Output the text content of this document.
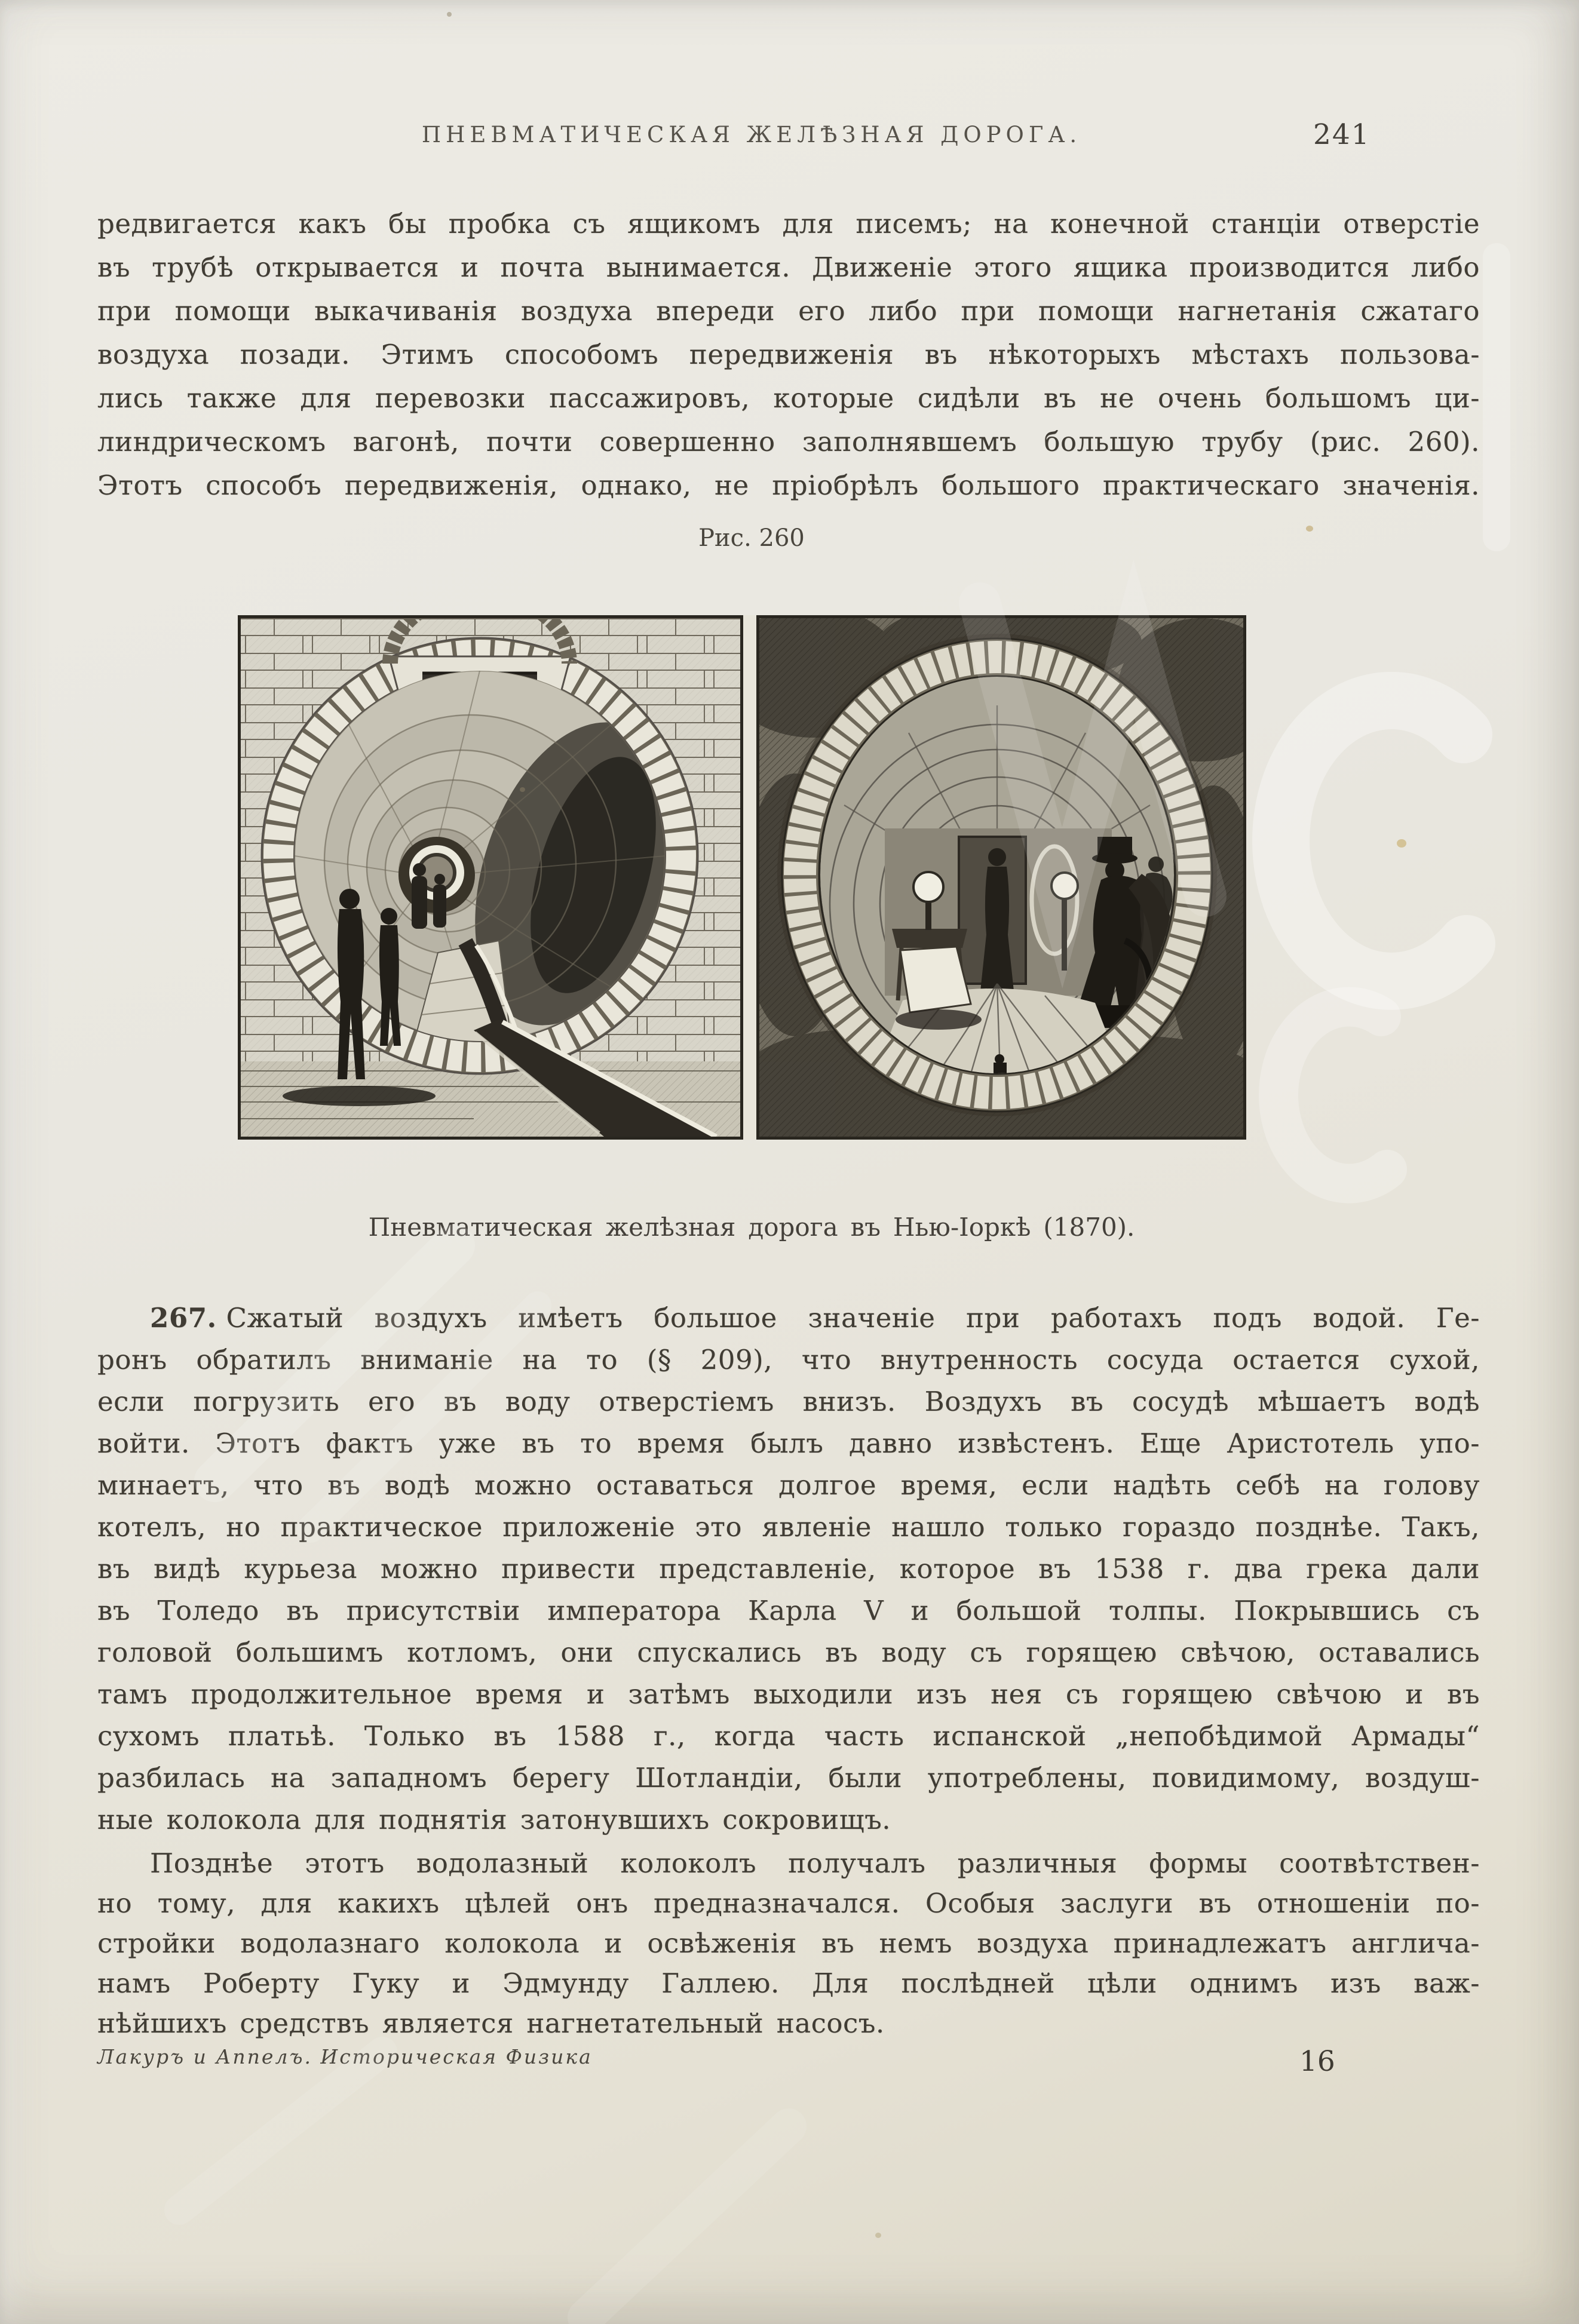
ПНЕВМАТИЧЕСКАЯ ЖЕЛѢЗНАЯ ДОРОГА.	241
редвигается какъ бы пробка съ ящикомъ для писемъ; на конечной станціи отверстіе
въ трубѣ открывается и почта вынимается. Движеніе этого ящика производится либо
при помощи выкачиванія воздуха впереди его либо при помощи нагнетанія сжатаго
воздуха позади. Этимъ способомъ передвиженія въ нѣкоторыхъ мѣстахъ пользова-
лись также для перевозки пассажировъ, которые сидѣли въ не очень большомъ ци-
линдрическомъ вагонѣ, почти совершенно заполнявшемъ большую трубу (рис. 260).
Этотъ способъ передвиженія, однако, не пріобрѣлъ большого практическаго значенія.
Рис. 260
Пневматическая желѣзная дорога въ Нью-Іоркѣ (1870).
267. Сжатый воздухъ имѣетъ большое значеніе при работахъ подъ водой. Ге-
ронъ обратилъ вниманіе на то (§ 209), что внутренность сосуда остается сухой,
если погрузить его въ воду отверстіемъ внизъ. Воздухъ въ сосудѣ мѣшаетъ водѣ
войти. Этотъ фактъ уже въ то время былъ давно извѣстенъ. Еще Аристотель упо-
минаетъ, что въ водѣ можно оставаться долгое время, если надѣть себѣ на голову
котелъ, но практическое приложеніе это явленіе нашло только гораздо позднѣе. Такъ,
въ видѣ курьеза можно привести представленіе, которое въ 1538 г. два грека дали
въ Толедо въ присутствіи императора Карла V и большой толпы. Покрывшись съ
головой большимъ котломъ, они спускались въ воду съ горящею свѣчою, оставались
тамъ продолжительное время и затѣмъ выходили изъ нея съ горящею свѣчою и въ
сухомъ платьѣ. Только въ 1588 г., когда часть испанской „непобѣдимой Армады“
разбилась на западномъ берегу Шотландіи, были употреблены, повидимому, воздуш-
ные колокола для поднятія затонувшихъ сокровищъ.
Позднѣе этотъ водолазный колоколъ получалъ различныя формы соотвѣтствен-
но тому, для какихъ цѣлей онъ предназначался. Особыя заслуги въ отношеніи по-
стройки водолазнаго колокола и освѣженія въ немъ воздуха принадлежатъ англича-
намъ Роберту Гуку и Эдмунду Галлею. Для послѣдней цѣли однимъ изъ важ-
нѣйшихъ средствъ является нагнетательный насосъ.
Лакуръ и Аппелъ. Историческая Физика	16
